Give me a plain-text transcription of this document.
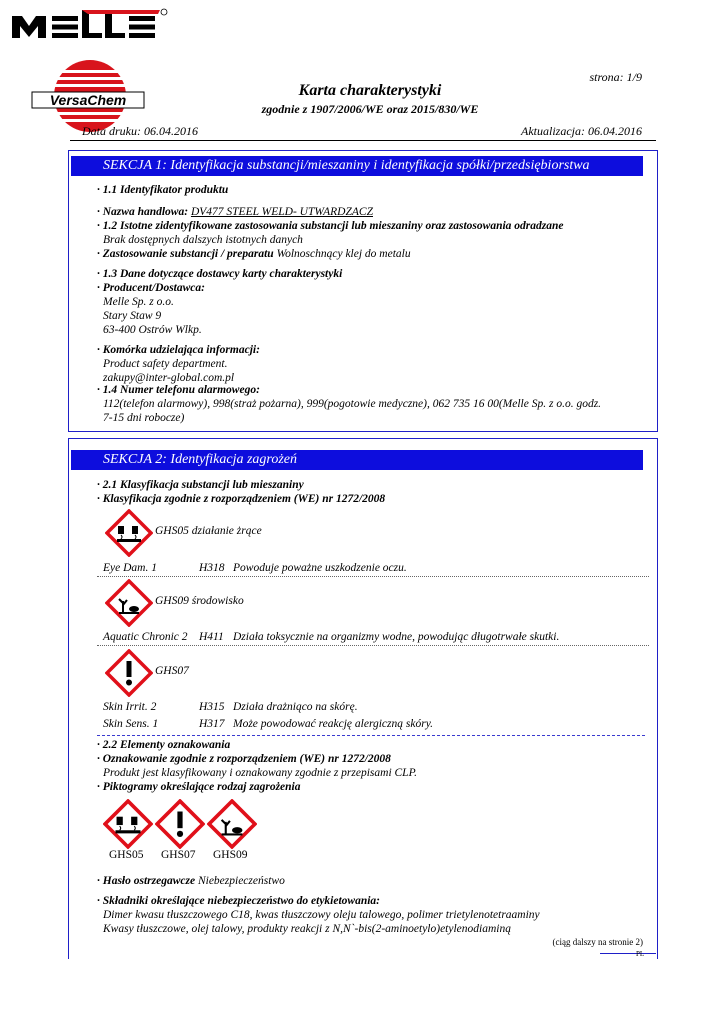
VersaChem
strona: 1/9
Karta charakterystyki
zgodnie z 1907/2006/WE oraz 2015/830/WE
Data druku: 06.04.2016	Aktualizacja: 06.04.2016
SEKCJA 1: Identyfikacja substancji/mieszaniny i identyfikacja spółki/przedsiębiorstwa
· 1.1 Identyfikator produktu
· Nazwa handlowa: DV477 STEEL WELD- UTWARDZACZ
· 1.2 Istotne zidentyfikowane zastosowania substancji lub mieszaniny oraz zastosowania odradzane
Brak dostępnych dalszych istotnych danych
· Zastosowanie substancji / preparatu Wolnoschnący klej do metalu
· 1.3 Dane dotyczące dostawcy karty charakterystyki
· Producent/Dostawca:
Melle Sp. z o.o.
Stary Staw 9
63-400 Ostrów Wlkp.
· Komórka udzielająca informacji:
Product safety department.
zakupy@inter-global.com.pl
· 1.4 Numer telefonu alarmowego:
112(telefon alarmowy), 998(straż pożarna), 999(pogotowie medyczne), 062 735 16 00(Melle Sp. z o.o. godz.
7-15 dni robocze)
SEKCJA 2: Identyfikacja zagrożeń
· 2.1 Klasyfikacja substancji lub mieszaniny
· Klasyfikacja zgodnie z rozporządzeniem (WE) nr 1272/2008
GHS05 działanie żrące
Eye Dam. 1	H318 Powoduje poważne uszkodzenie oczu.
GHS09 środowisko
Aquatic Chronic 2 H411 Działa toksycznie na organizmy wodne, powodując długotrwałe skutki.
GHS07
Skin Irrit. 2	H315 Działa drażniąco na skórę.
Skin Sens. 1	H317 Może powodować reakcję alergiczną skóry.
· 2.2 Elementy oznakowania
· Oznakowanie zgodnie z rozporządzeniem (WE) nr 1272/2008
Produkt jest klasyfikowany i oznakowany zgodnie z przepisami CLP.
· Piktogramy określające rodzaj zagrożenia
GHS05 GHS07 GHS09
· Hasło ostrzegawcze Niebezpieczeństwo
· Składniki określające niebezpieczeństwo do etykietowania:
Dimer kwasu tłuszczowego C18, kwas tłuszczowy oleju talowego, polimer trietylenotetraaminy
Kwasy tłuszczowe, olej talowy, produkty reakcji z N,N`-bis(2-aminoetylo)etylenodiaminą
(ciąg dalszy na stronie 2)
PL
